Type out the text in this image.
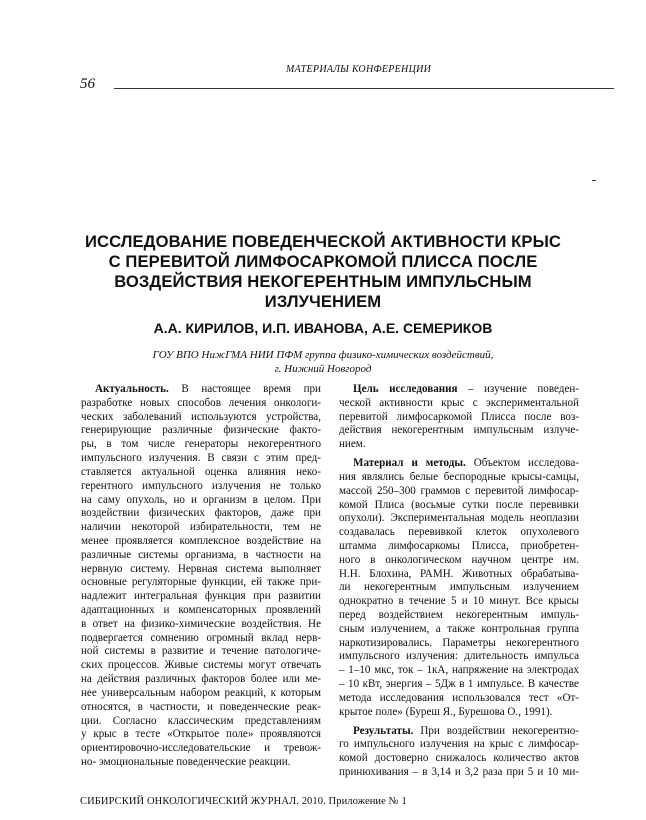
МАТЕРИАЛЫ КОНФЕРЕНЦИИ
56
ИССЛЕДОВАНИЕ ПОВЕДЕНЧЕСКОЙ АКТИВНОСТИ КРЫС
С ПЕРЕВИТОЙ ЛИМФОСАРКОМОЙ ПЛИССА ПОСЛЕ
ВОЗДЕЙСТВИЯ НЕКОГЕРЕНТНЫМ ИМПУЛЬСНЫМ
ИЗЛУЧЕНИЕМ
А.А. КИРИЛОВ, И.П. ИВАНОВА, А.Е. СЕМЕРИКОВ
ГОУ ВПО НижГМА НИИ ПФМ группа физико-химических воздействий,
г. Нижний Новгород
Актуальность. В настоящее время при
разработке новых способов лечения онкологи-
ческих заболеваний используются устройства,
генерирующие различные физические факто-
ры, в том числе генераторы некогерентного
импульсного излучения. В связи с этим пред-
ставляется актуальной оценка влияния неко-
герентного импульсного излучения не только
на саму опухоль, но и организм в целом. При
воздействии физических факторов, даже при
наличии некоторой избирательности, тем не
менее проявляется комплексное воздействие на
различные системы организма, в частности на
нервную систему. Нервная система выполняет
основные регуляторные функции, ей также при-
надлежит интегральная функция при развитии
адаптационных и компенсаторных проявлений
в ответ на физико-химические воздействия. Не
подвергается сомнению огромный вклад нерв-
ной системы в развитие и течение патологиче-
ских процессов. Живые системы могут отвечать
на действия различных факторов более или ме-
нее универсальным набором реакций, к которым
относятся, в частности, и поведенческие реак-
ции. Согласно классическим представлениям
у крыс в тесте «Открытое поле» проявляются
ориентировочно-исследовательские и тревож-
но- эмоциональные поведенческие реакции.
Цель исследования – изучение поведен-
ческой активности крыс с экспериментальной
перевитой лимфосаркомой Плисса после воз-
действия некогерентным импульсным излуче-
нием.
Материал и методы. Объектом исследова-
ния являлись белые беспородные крысы-самцы,
массой 250–300 граммов с перевитой лимфосар-
комой Плиса (восьмые сутки после перевивки
опухоли). Экспериментальная модель неоплазии
создавалась перевивкой клеток опухолевого
штамма лимфосаркомы Плисса, приобретен-
ного в онкологическом научном центре им.
Н.Н. Блохина, РАМН. Животных обрабатыва-
ли некогерентным импульсным излучением
однократно в течение 5 и 10 минут. Все крысы
перед воздействием некогерентным импуль-
сным излучением, а также контрольная группа
наркотизировались. Параметры некогерентного
импульсного излучения: длительность импульса
– 1–10 мкс, ток – 1кА, напряжение на электродах
– 10 кВт, энергия – 5Дж в 1 импульсе. В качестве
метода исследования использовался тест «От-
крытое поле» (Буреш Я., Бурешова О., 1991).
Результаты. При воздействии некогерентно-
го импульсного излучения на крыс с лимфосар-
комой достоверно снижалось количество актов
принюхивания – в 3,14 и 3,2 раза при 5 и 10 ми-
СИБИРСКИЙ ОНКОЛОГИЧЕСКИЙ ЖУРНАЛ. 2010. Приложение № 1
